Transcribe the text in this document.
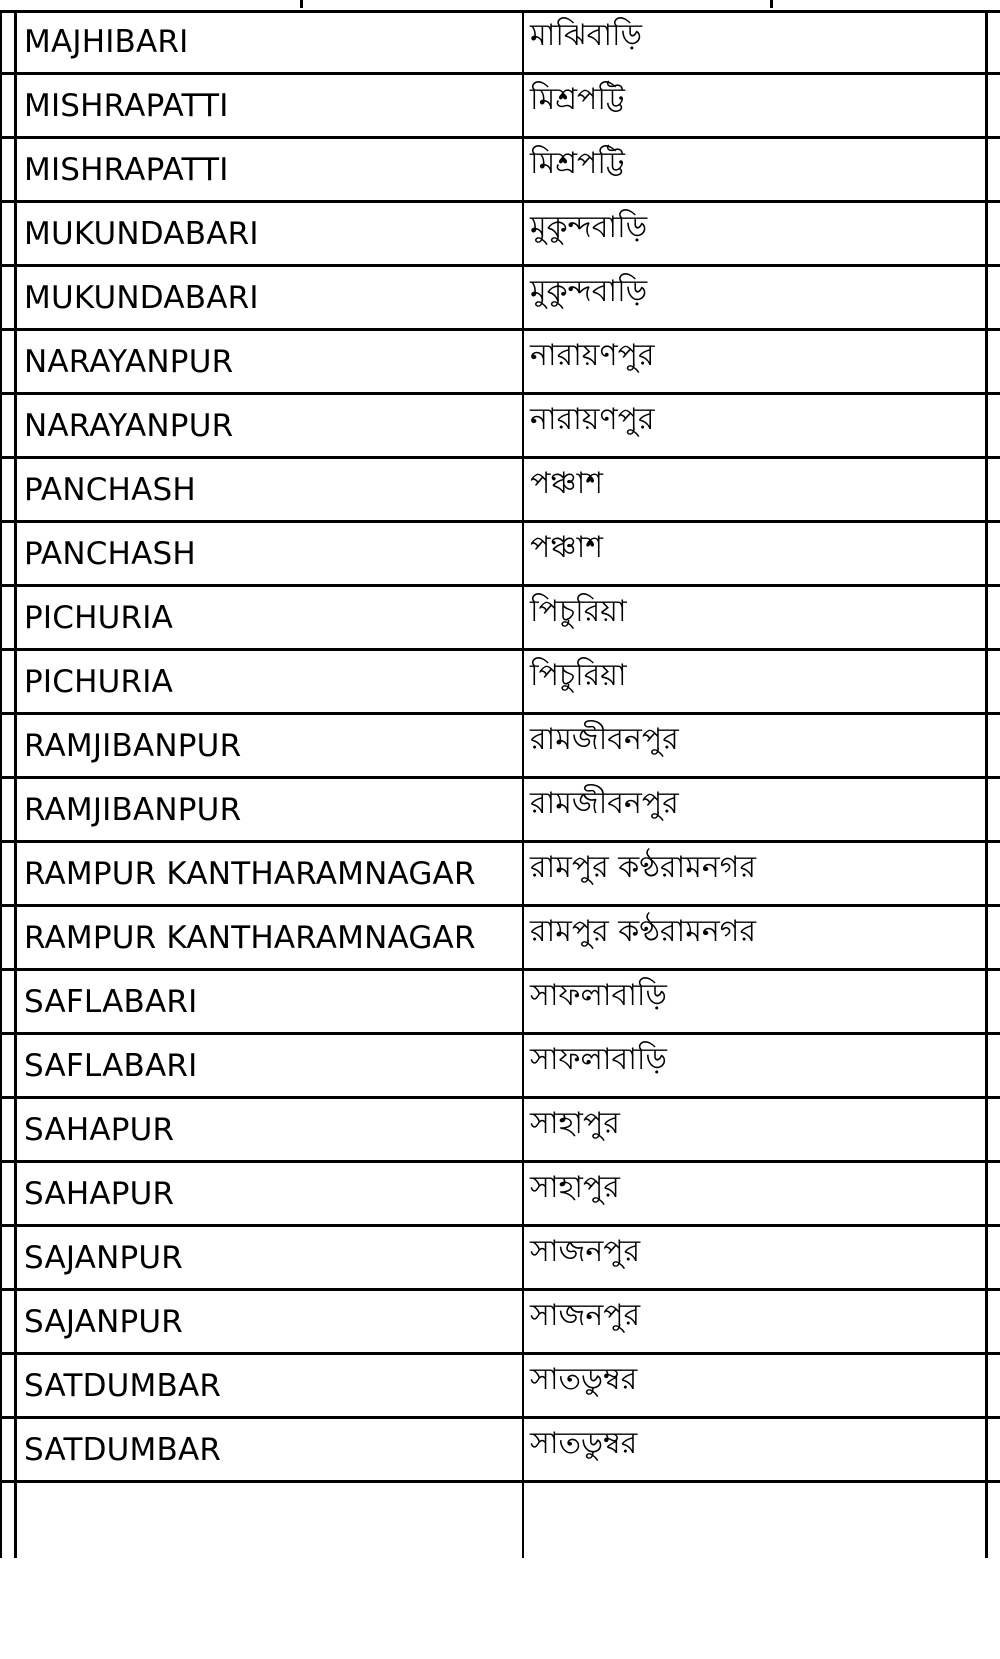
MAJHIBARI	মাঝিবাড়ি
MISHRAPATTI	মিশ্রপট্টি
MISHRAPATTI	মিশ্রপট্টি
MUKUNDABARI	মুকুন্দবাড়ি
MUKUNDABARI	মুকুন্দবাড়ি
NARAYANPUR	নারায়ণপুর
NARAYANPUR	নারায়ণপুর
PANCHASH	পঞ্চাশ
PANCHASH	পঞ্চাশ
PICHURIA	পিচুরিয়া
PICHURIA	পিচুরিয়া
RAMJIBANPUR	রামজীবনপুর
RAMJIBANPUR	রামজীবনপুর
RAMPUR KANTHARAMNAGAR রামপুর কণ্ঠরামনগর
RAMPUR KANTHARAMNAGAR রামপুর কণ্ঠরামনগর
SAFLABARI	সাফলাবাড়ি
SAFLABARI	সাফলাবাড়ি
SAHAPUR	সাহাপুর
SAHAPUR	সাহাপুর
SAJANPUR	সাজনপুর
SAJANPUR	সাজনপুর
SATDUMBAR	সাতডুম্বর
SATDUMBAR	সাতডুম্বর
